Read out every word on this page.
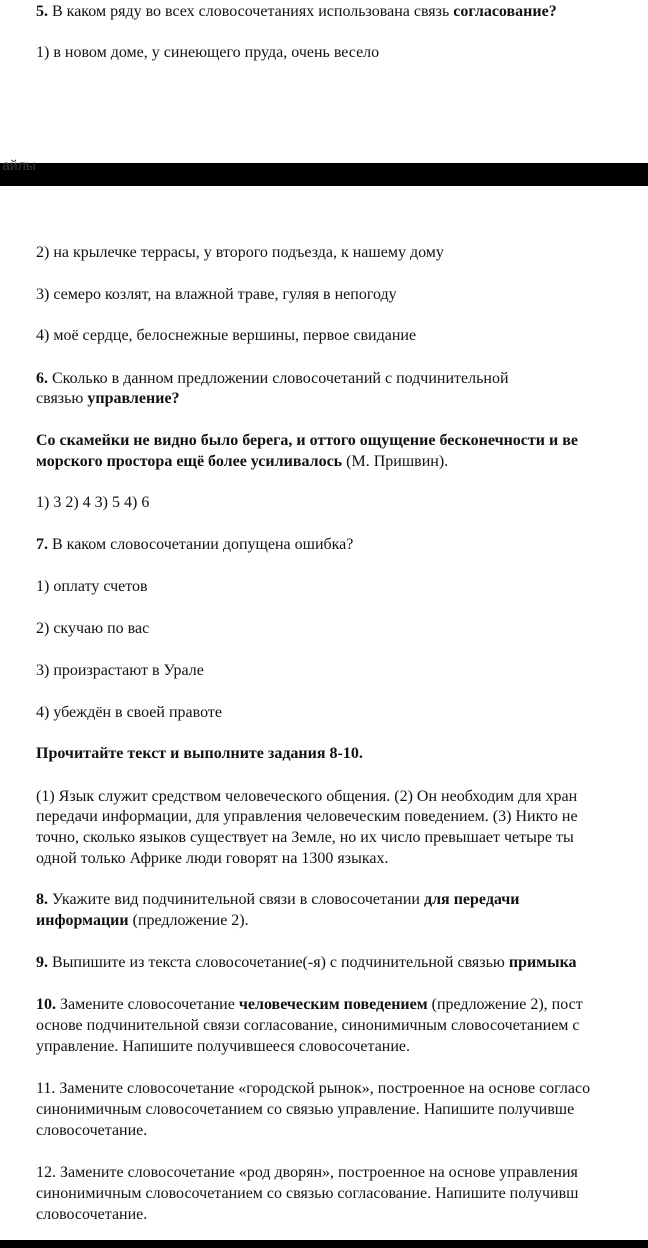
5. В каком ряду во всех словосочетаниях использована связь согласование?
1) в новом доме, у синеющего пруда, очень весело
айлы
2) на крылечке террасы, у второго подъезда, к нашему дому
3) семеро козлят, на влажной траве, гуляя в непогоду
4) моё сердце, белоснежные вершины, первое свидание
6. Сколько в данном предложении словосочетаний с подчинительной
связью управление?
Со скамейки не видно было берега, и оттого ощущение бесконечности и ве
морского простора ещё более усиливалось (М. Пришвин).
1) 3 2) 4 3) 5 4) 6
7. В каком словосочетании допущена ошибка?
1) оплату счетов
2) скучаю по вас
3) произрастают в Урале
4) убеждён в своей правоте
Прочитайте текст и выполните задания 8-10.
(1) Язык служит средством человеческого общения. (2) Он необходим для хран
передачи информации, для управления человеческим поведением. (3) Никто не
точно, сколько языков существует на Земле, но их число превышает четыре ты
одной только Африке люди говорят на 1300 языках.
8. Укажите вид подчинительной связи в словосочетании для передачи
информации (предложение 2).
9. Выпишите из текста словосочетание(-я) с подчинительной связью примыка
10. Замените словосочетание человеческим поведением (предложение 2), пост
основе подчинительной связи согласование, синонимичным словосочетанием с
управление. Напишите получившееся словосочетание.
11. Замените словосочетание «городской рынок», построенное на основе согласо
синонимичным словосочетанием со связью управление. Напишите получивше
словосочетание.
12. Замените словосочетание «род дворян», построенное на основе управления
синонимичным словосочетанием со связью согласование. Напишите получивш
словосочетание.
